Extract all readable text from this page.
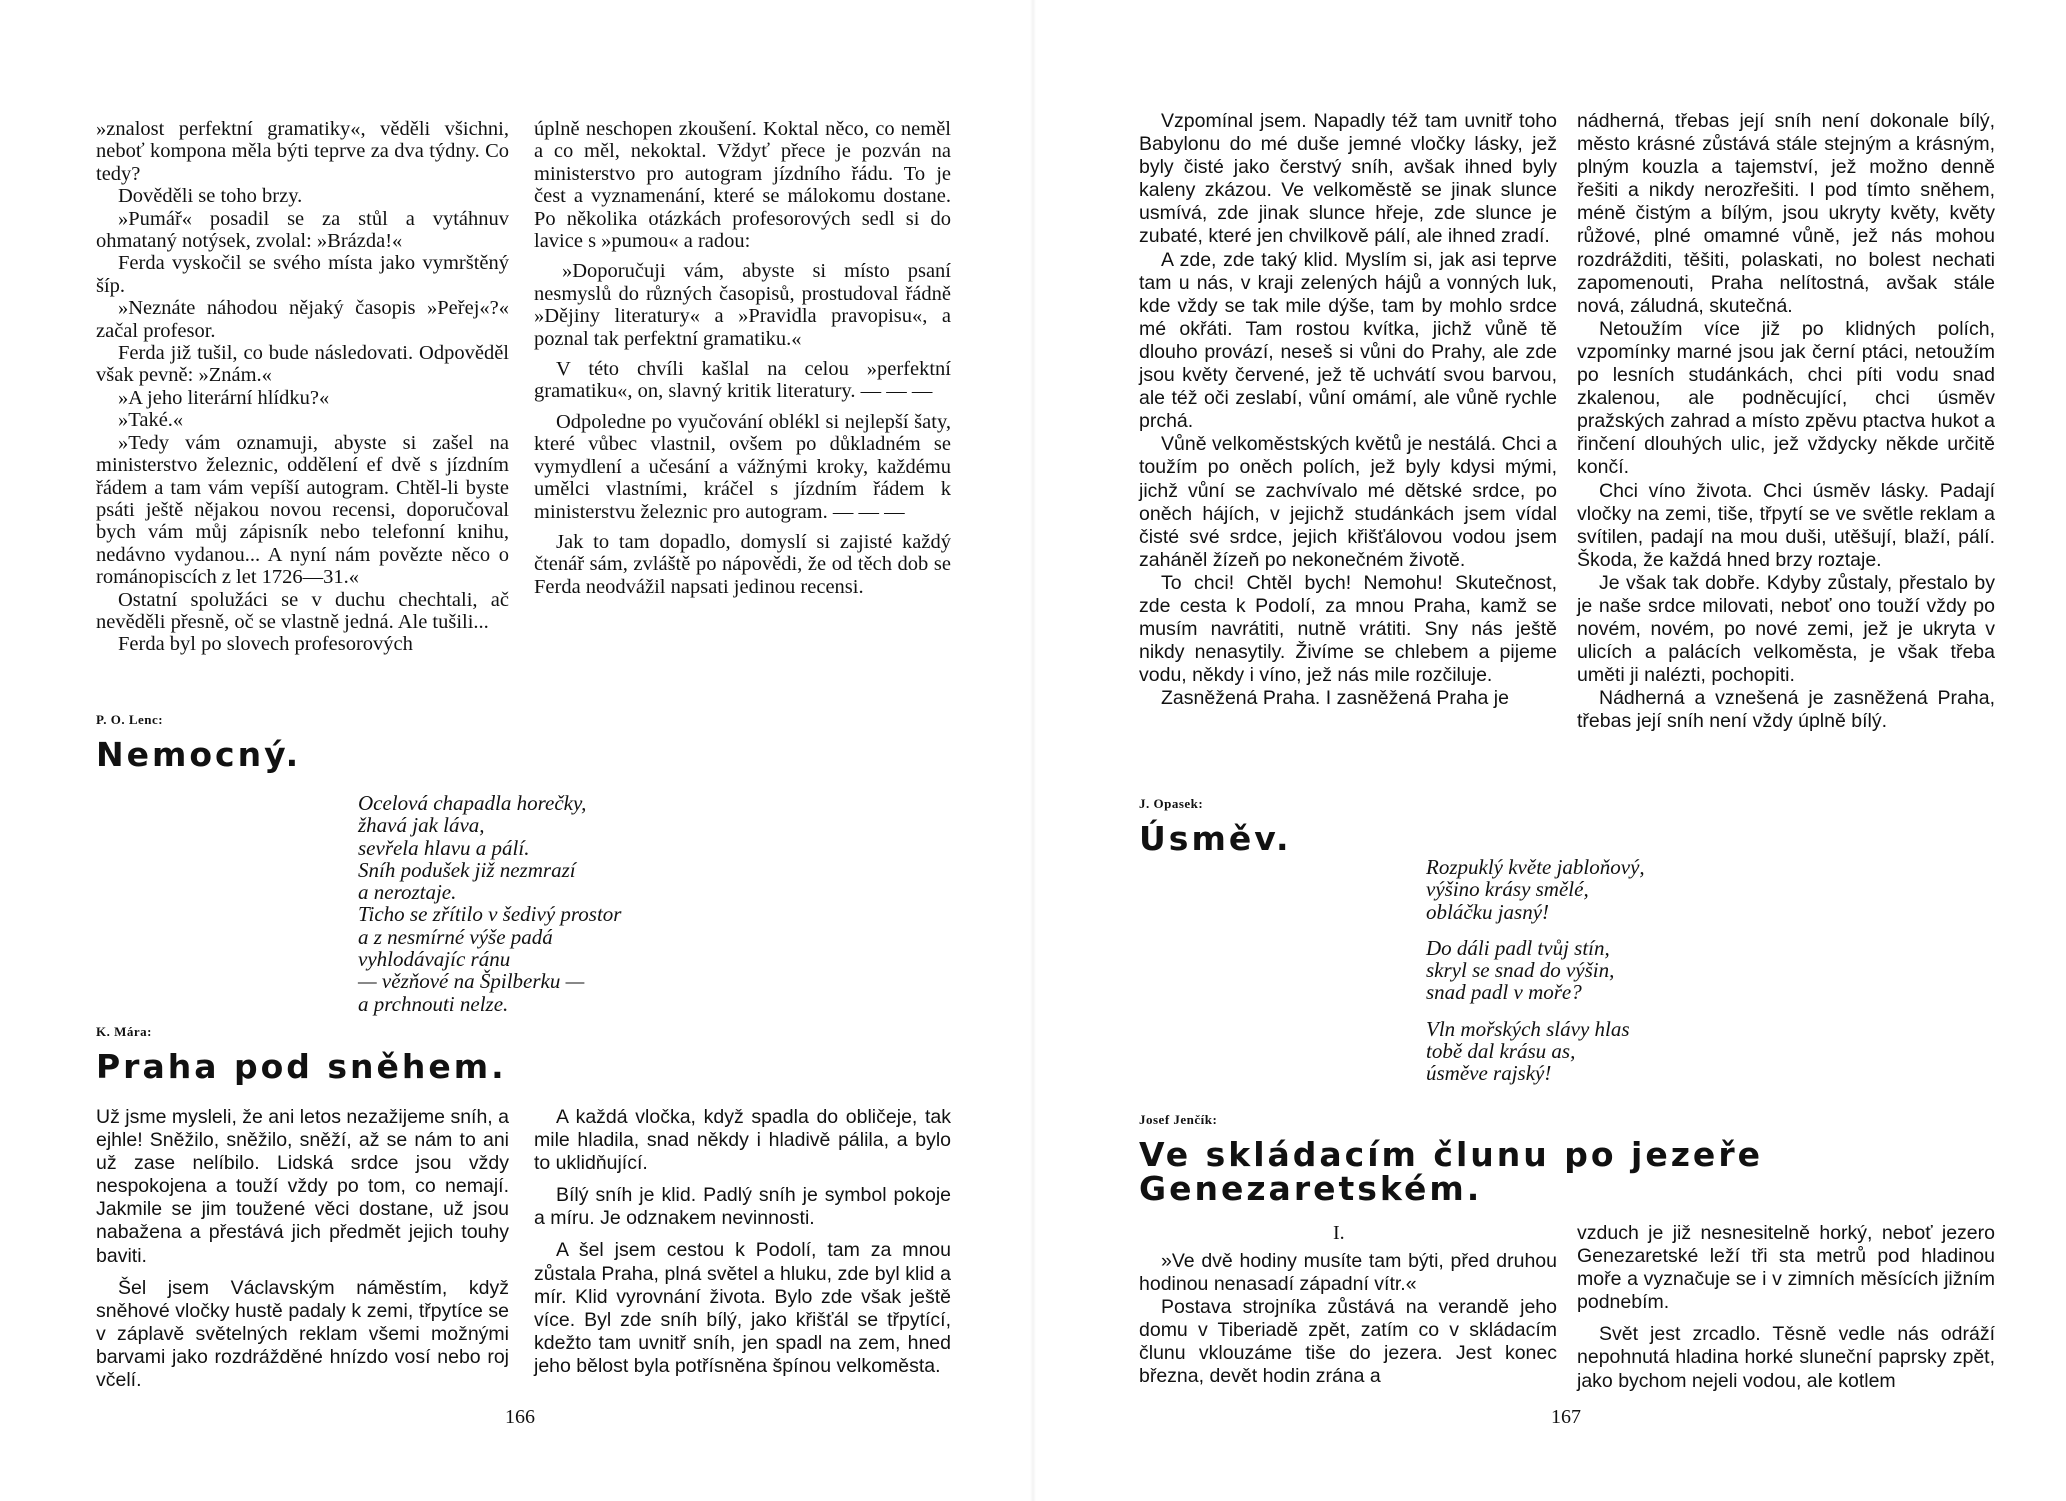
»znalost perfektní gramatiky«, věděli všichni, neboť kompona měla býti teprve za dva týdny. Co tedy?

Dověděli se toho brzy.

»Pumář« posadil se za stůl a vytáhnuv ohmataný notýsek, zvolal: »Brázda!«

Ferda vyskočil se svého místa jako vymrštěný šíp.

»Neznáte náhodou nějaký časopis »Peřej«?« začal profesor.

Ferda již tušil, co bude následovati. Odpověděl však pevně: »Znám.«

»A jeho literární hlídku?«

»Také.«

»Tedy vám oznamuji, abyste si zašel na ministerstvo železnic, oddělení ef dvě s jízdním řádem a tam vám vepíší autogram. Chtěl-li byste psáti ještě nějakou novou recensi, doporučoval bych vám můj zápisník nebo telefonní knihu, nedávno vydanou... A nyní nám povězte něco o románopiscích z let 1726—31.«

Ostatní spolužáci se v duchu chechtali, ač nevěděli přesně, oč se vlastně jedná. Ale tušili...

Ferda byl po slovech profesorových

úplně neschopen zkoušení. Koktal něco, co neměl a co měl, nekoktal. Vždyť přece je pozván na ministerstvo pro autogram jízdního řádu. To je čest a vyznamenání, které se málokomu dostane. Po několika otázkách profesorových sedl si do lavice s »pumou« a radou:

»Doporučuji vám, abyste si místo psaní nesmyslů do různých časopisů, prostudoval řádně »Dějiny literatury« a »Pravidla pravopisu«, a poznal tak perfektní gramatiku.«

V této chvíli kašlal na celou »perfektní gramatiku«, on, slavný kritik literatury. — — —

Odpoledne po vyučování oblékl si nejlepší šaty, které vůbec vlastnil, ovšem po důkladném se vymydlení a učesání a vážnými kroky, každému umělci vlastními, kráčel s jízdním řádem k ministerstvu železnic pro autogram. — — —

Jak to tam dopadlo, domyslí si zajisté každý čtenář sám, zvláště po nápovědi, že od těch dob se Ferda neodvážil napsati jedinou recensi.

P. O. Lenc:
Nemocný.
Ocelová chapadla horečky,
žhavá jak láva,
sevřela hlavu a pálí.
Sníh podušek již nezmrazí
a neroztaje.
Ticho se zřítilo v šedivý prostor
a z nesmírné výše padá
vyhlodávajíc ránu
— vězňové na Špilberku —
a prchnouti nelze.
K. Mára:
Praha pod sněhem.

Už jsme mysleli, že ani letos nezažijeme sníh, a ejhle! Sněžilo, sněžilo, sněží, až se nám to ani už zase nelíbilo. Lidská srdce jsou vždy nespokojena a touží vždy po tom, co nemají. Jakmile se jim toužené věci dostane, už jsou nabažena a přestává jich předmět jejich touhy baviti.

Šel jsem Václavským náměstím, když sněhové vločky hustě padaly k zemi, třpytíce se v záplavě světelných reklam všemi možnými barvami jako rozdrážděné hnízdo vosí nebo roj včelí.

A každá vločka, když spadla do obličeje, tak mile hladila, snad někdy i hladivě pálila, a bylo to uklidňující.

Bílý sníh je klid. Padlý sníh je symbol pokoje a míru. Je odznakem nevinnosti.

A šel jsem cestou k Podolí, tam za mnou zůstala Praha, plná světel a hluku, zde byl klid a mír. Klid vyrovnání života. Bylo zde však ještě více. Byl zde sníh bílý, jako křišťál se třpytící, kdežto tam uvnitř sníh, jen spadl na zem, hned jeho bělost byla potřísněna špínou velkoměsta.

166

Vzpomínal jsem. Napadly též tam uvnitř toho Babylonu do mé duše jemné vločky lásky, jež byly čisté jako čerstvý sníh, avšak ihned byly kaleny zkázou. Ve velkoměstě se jinak slunce usmívá, zde jinak slunce hřeje, zde slunce je zubaté, které jen chvilkově pálí, ale ihned zradí.

A zde, zde taký klid. Myslím si, jak asi teprve tam u nás, v kraji zelených hájů a vonných luk, kde vždy se tak mile dýše, tam by mohlo srdce mé okřáti. Tam rostou kvítka, jichž vůně tě dlouho provází, neseš si vůni do Prahy, ale zde jsou květy červené, jež tě uchvátí svou barvou, ale též oči zeslabí, vůní omámí, ale vůně rychle prchá.

Vůně velkoměstských květů je nestálá. Chci a toužím po oněch polích, jež byly kdysi mými, jichž vůní se zachvívalo mé dětské srdce, po oněch hájích, v jejichž studánkách jsem vídal čisté své srdce, jejich křišťálovou vodou jsem zaháněl žízeň po nekonečném životě.

To chci! Chtěl bych! Nemohu! Skutečnost, zde cesta k Podolí, za mnou Praha, kamž se musím navrátiti, nutně vrátiti. Sny nás ještě nikdy nenasytily. Živíme se chlebem a pijeme vodu, někdy i víno, jež nás mile rozčiluje.

Zasněžená Praha. I zasněžená Praha je

nádherná, třebas její sníh není dokonale bílý, město krásné zůstává stále stejným a krásným, plným kouzla a tajemství, jež možno denně řešiti a nikdy nerozřešiti. I pod tímto sněhem, méně čistým a bílým, jsou ukryty květy, květy růžové, plné omamné vůně, jež nás mohou rozdrážditi, těšiti, polaskati, no bolest nechati zapomenouti, Praha nelítostná, avšak stále nová, záludná, skutečná.

Netoužím více již po klidných polích, vzpomínky marné jsou jak černí ptáci, netoužím po lesních studánkách, chci píti vodu snad zkalenou, ale podněcující, chci úsměv pražských zahrad a místo zpěvu ptactva hukot a řinčení dlouhých ulic, jež vždycky někde určitě končí.

Chci víno života. Chci úsměv lásky. Padají vločky na zemi, tiše, třpytí se ve světle reklam a svítilen, padají na mou duši, utěšují, blaží, pálí. Škoda, že každá hned brzy roztaje.

Je však tak dobře. Kdyby zůstaly, přestalo by je naše srdce milovati, neboť ono touží vždy po novém, novém, po nové zemi, jež je ukryta v ulicích a palácích velkoměsta, je však třeba uměti ji nalézti, pochopiti.

Nádherná a vznešená je zasněžená Praha, třebas její sníh není vždy úplně bílý.

J. Opasek:
Úsměv.
Rozpuklý květe jabloňový,
výšino krásy smělé,
obláčku jasný!
Do dáli padl tvůj stín,
skryl se snad do výšin,
snad padl v moře?
Vln mořských slávy hlas
tobě dal krásu as,
úsměve rajský!
Josef Jenčík:
Ve skládacím člunu po jezeře
Genezaretském.
I.

»Ve dvě hodiny musíte tam býti, před druhou hodinou nenasadí západní vítr.«

Postava strojníka zůstává na verandě jeho domu v Tiberiadě zpět, zatím co v skládacím člunu vklouzáme tiše do jezera. Jest konec března, devět hodin zrána a

vzduch je již nesnesitelně horký, neboť jezero Genezaretské leží tři sta metrů pod hladinou moře a vyznačuje se i v zimních měsících jižním podnebím.

Svět jest zrcadlo. Těsně vedle nás odráží nepohnutá hladina horké sluneční paprsky zpět, jako bychom nejeli vodou, ale kotlem

167
